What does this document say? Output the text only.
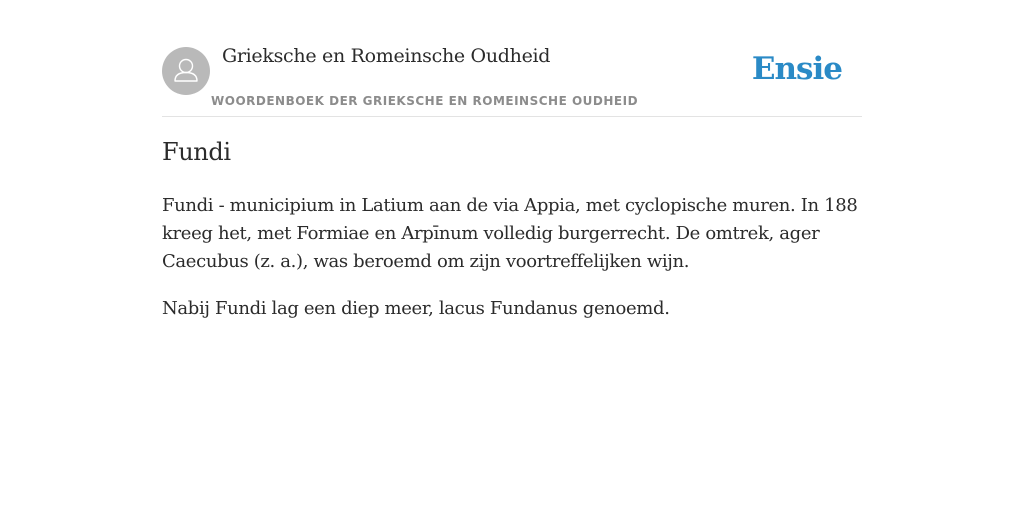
Grieksche en Romeinsche Oudheid
WOORDENBOEK DER GRIEKSCHE EN ROMEINSCHE OUDHEID
Ensie
Fundi

Fundi - municipium in Latium aan de via Appia, met cyclopische muren. In 188 kreeg het, met Formiae en Arpīnum volledig burgerrecht. De omtrek, ager Caecubus (z. a.), was beroemd om zijn voortreffelijken wijn.

Nabij Fundi lag een diep meer, lacus Fundanus genoemd.
